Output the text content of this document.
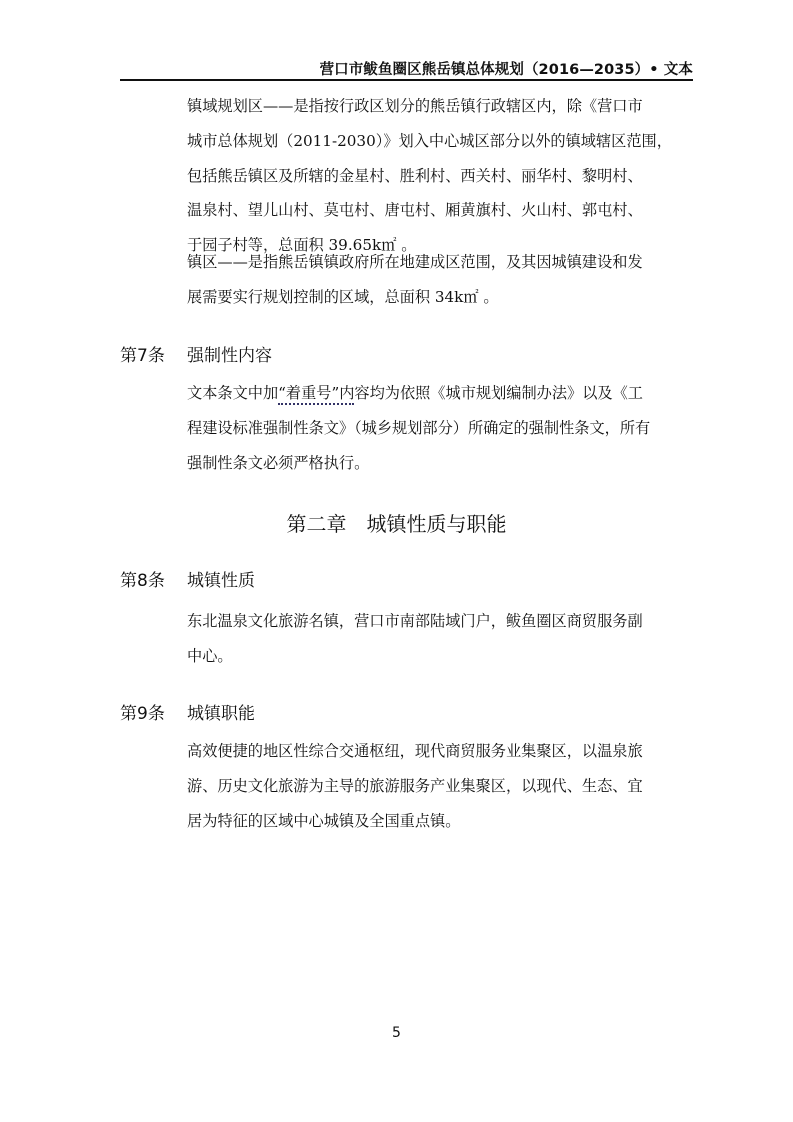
营口市鲅鱼圈区熊岳镇总体规划（2016—2035）• 文本
镇域规划区——是指按行政区划分的熊岳镇行政辖区内，除《营口市
城市总体规划（2011-2030）》划入中心城区部分以外的镇域辖区范围，
包括熊岳镇区及所辖的金星村、胜利村、西关村、丽华村、黎明村、
温泉村、望儿山村、莫屯村、唐屯村、厢黄旗村、火山村、郭屯村、
于园子村等，总面积 39.65k㎡ 。
镇区——是指熊岳镇镇政府所在地建成区范围，及其因城镇建设和发
展需要实行规划控制的区域，总面积 34k㎡ 。
第7条 强制性内容
文本条文中加“着重号”内容均为依照《城市规划编制办法》以及《工
程建设标准强制性条文》（城乡规划部分）所确定的强制性条文，所有
强制性条文必须严格执行。
第二章 城镇性质与职能
第8条 城镇性质
东北温泉文化旅游名镇，营口市南部陆域门户，鲅鱼圈区商贸服务副
中心。
第9条 城镇职能
高效便捷的地区性综合交通枢纽，现代商贸服务业集聚区，以温泉旅
游、历史文化旅游为主导的旅游服务产业集聚区，以现代、生态、宜
居为特征的区域中心城镇及全国重点镇。
5
